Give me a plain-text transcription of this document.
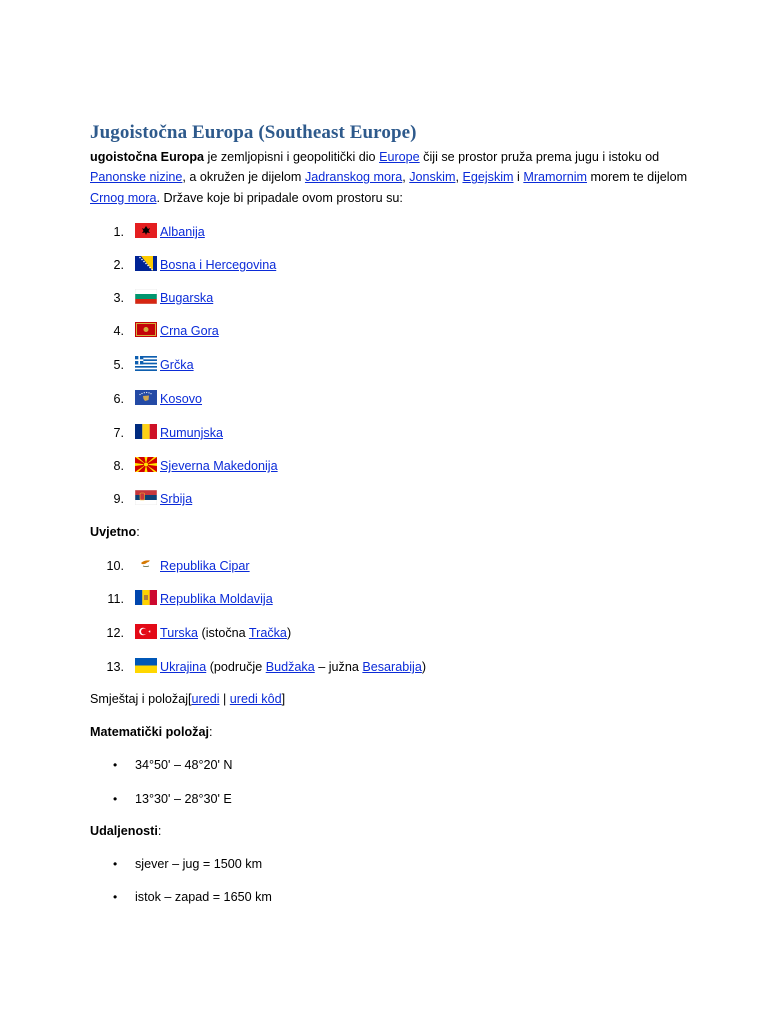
Jugoistočna Europa (Southeast Europe)

ugoistočna Europa je zemljopisni i geopolitički dio Europe čiji se prostor pruža prema jugu i istoku od Panonske nizine, a okružen je dijelom Jadranskog mora, Jonskim, Egejskim i Mramornim morem te dijelom Crnog mora. Države koje bi pripadale ovom prostoru su:

1.	Albanija
2.	Bosna i Hercegovina
3.	Bugarska
4.	Crna Gora
5.	Grčka
6.	Kosovo
7.	Rumunjska
8.	Sjeverna Makedonija
9.	Srbija
Uvjetno:
10.	Republika Cipar
11.	Republika Moldavija
12.	Turska (istočna Tračka)
13.	Ukrajina (područje Budžaka – južna Besarabija)
Smještaj i položaj[uredi | uredi kôd]
Matematički položaj:
• 34°50' – 48°20' N
• 13°30' – 28°30' E
Udaljenosti:
• sjever – jug = 1500 km
• istok – zapad = 1650 km
